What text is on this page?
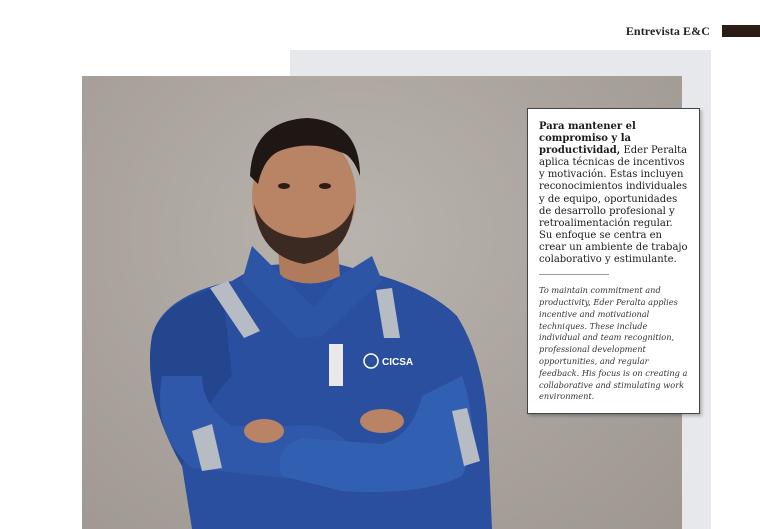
Entrevista E&C
CICSA

Para mantener el compromiso y la productividad, Eder Peralta aplica técnicas de incentivos y motivación. Estas incluyen reconocimientos individuales y de equipo, oportunidades de desarrollo profesional y retroalimentación regular. Su enfoque se centra en crear un ambiente de trabajo colaborativo y estimulante.

To maintain commitment and productivity, Eder Peralta applies incentive and motivational techniques. These include individual and team recognition, professional development opportunities, and regular feedback. His focus is on creating a collaborative and stimulating work environment.
